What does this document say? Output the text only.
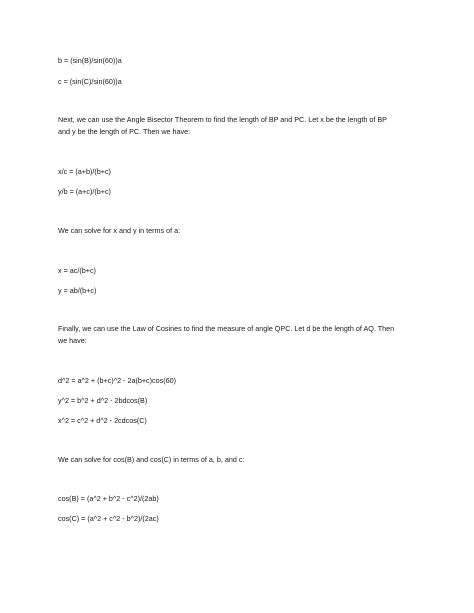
b = (sin(B)/sin(60))a

c = (sin(C)/sin(60))a

Next, we can use the Angle Bisector Theorem to find the length of BP and PC. Let x be the length of BP

and y be the length of PC. Then we have:

x/c = (a+b)/(b+c)

y/b = (a+c)/(b+c)

We can solve for x and y in terms of a:

x = ac/(b+c)

y = ab/(b+c)

Finally, we can use the Law of Cosines to find the measure of angle QPC. Let d be the length of AQ. Then

we have:

d^2 = a^2 + (b+c)^2 - 2a(b+c)cos(60)

y^2 = b^2 + d^2 - 2bdcos(B)

x^2 = c^2 + d^2 - 2cdcos(C)

We can solve for cos(B) and cos(C) in terms of a, b, and c:

cos(B) = (a^2 + b^2 - c^2)/(2ab)

cos(C) = (a^2 + c^2 - b^2)/(2ac)
